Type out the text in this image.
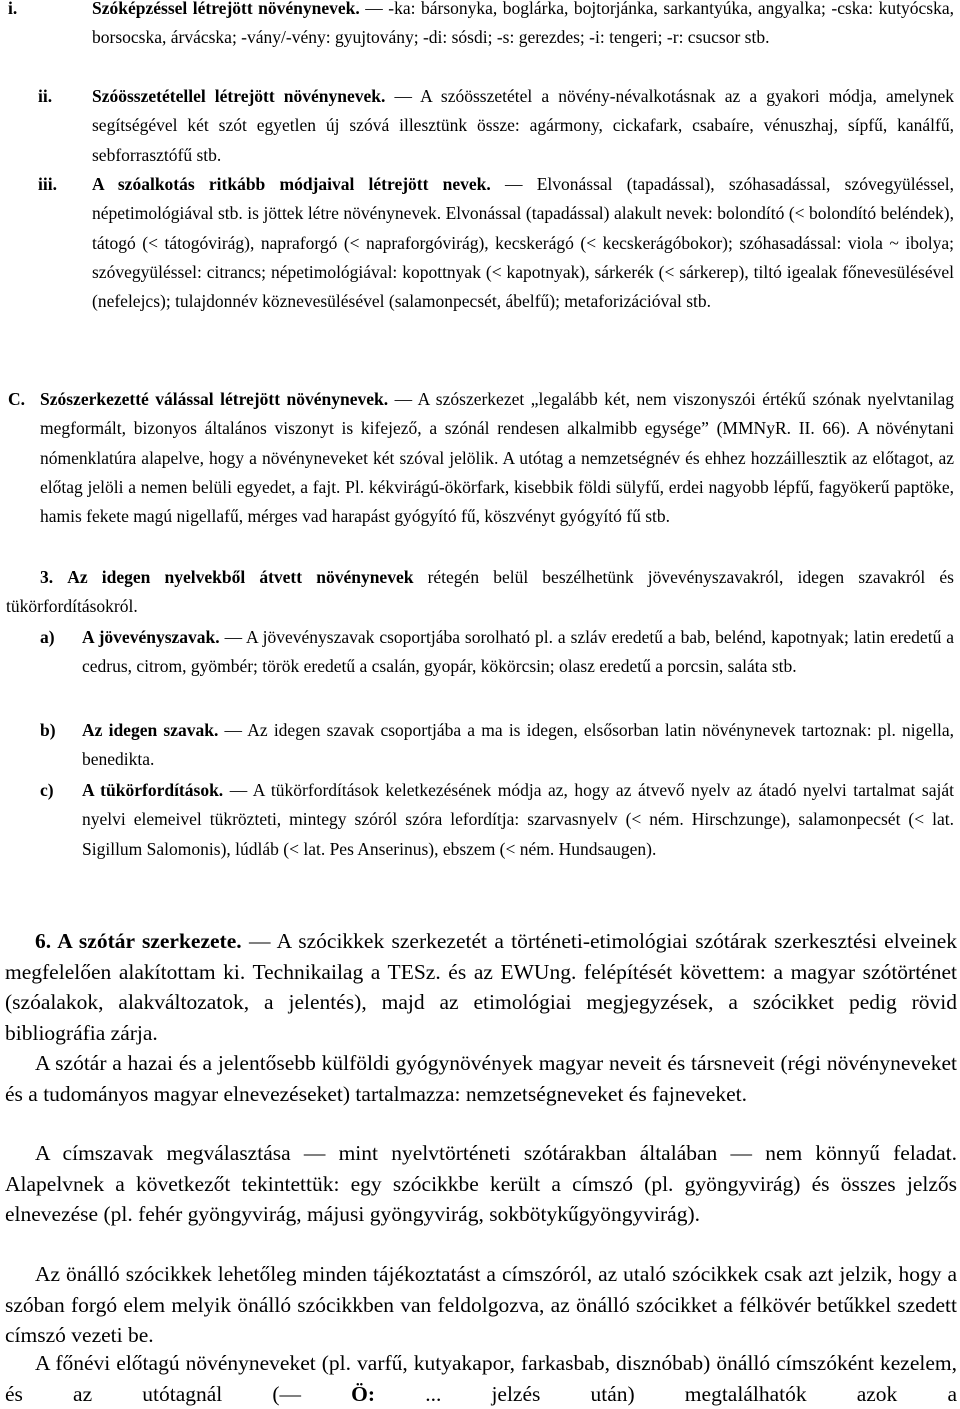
i.	Szóképzéssel létrejött növénynevek. — -ka: bársonyka, boglárka, bojtorjánka, sarkantyúka, angyalka; -cska: kutyócska, borsocska, árvácska; -vány/-vény: gyujtovány; -di: sósdi; -s: gerezdes; -i: tengeri; -r: csucsor stb.
ii. Szóösszetétellel létrejött növénynevek. — A szóösszetétel a növény-névalkotásnak az a gyakori módja, amelynek segítségével két szót egyetlen új szóvá illesztünk össze: agármony, cickafark, csabaíre, vénuszhaj, sípfű, kanálfű, sebforrasztófű stb.
iii. A szóalkotás ritkább módjaival létrejött nevek. — Elvonással (tapadással), szóhasadással, szóvegyüléssel, népetimológiával stb. is jöttek létre növénynevek. Elvonással (tapadással) alakult nevek: bolondító (< bolondító beléndek), tátogó (< tátogóvirág), napraforgó (< napraforgóvirág), kecskerágó (< kecskerágóbokor); szóhasadással: viola ~ ibolya; szóvegyüléssel: citrancs; népetimológiával: kopottnyak (< kapotnyak), sárkerék (< sárkerep), tiltó igealak főnevesülésével (nefelejcs); tulajdonnév köznevesülésével (salamonpecsét, ábelfű); metaforizációval stb.
C. Szószerkezetté válással létrejött növénynevek. — A szószerkezet „legalább két, nem viszonyszói értékű szónak nyelvtanilag megformált, bizonyos általános viszonyt is kifejező, a szónál rendesen alkalmibb egysége” (MMNyR. II. 66). A növénytani nómenklatúra alapelve, hogy a növényneveket két szóval jelölik. A utótag a nemzetségnév és ehhez hozzáillesztik az előtagot, az előtag jelöli a nemen belüli egyedet, a fajt. Pl. kékvirágú-ökörfark, kisebbik földi sülyfű, erdei nagyobb lépfű, fagyökerű paptöke, hamis fekete magú nigellafű, mérges vad harapást gyógyító fű, köszvényt gyógyító fű stb.
3. Az idegen nyelvekből átvett növénynevek rétegén belül beszélhetünk jövevényszavakról, idegen szavakról és tükörfordításokról.
a) A jövevényszavak. — A jövevényszavak csoportjába sorolható pl. a szláv eredetű a bab, belénd, kapotnyak; latin eredetű a cedrus, citrom, gyömbér; török eredetű a csalán, gyopár, kökörcsin; olasz eredetű a porcsin, saláta stb.
b) Az idegen szavak. — Az idegen szavak csoportjába a ma is idegen, elsősorban latin növénynevek tartoznak: pl. nigella, benedikta.
c) A tükörfordítások. — A tükörfordítások keletkezésének módja az, hogy az átvevő nyelv az átadó nyelvi tartalmat saját nyelvi elemeivel tükrözteti, mintegy szóról szóra lefordítja: szarvasnyelv (< ném. Hirschzunge), salamonpecsét (< lat. Sigillum Salomonis), lúdláb (< lat. Pes Anserinus), ebszem (< ném. Hundsaugen).
6. A szótár szerkezete. — A szócikkek szerkezetét a történeti-etimológiai szótárak szerkesztési elveinek megfelelően alakítottam ki. Technikailag a TESz. és az EWUng. felépítését követtem: a magyar szótörténet (szóalakok, alakváltozatok, a jelentés), majd az etimológiai megjegyzések, a szócikket pedig rövid bibliográfia zárja.
A szótár a hazai és a jelentősebb külföldi gyógynövények magyar neveit és társneveit (régi növényneveket és a tudományos magyar elnevezéseket) tartalmazza: nemzetségneveket és fajneveket.
A címszavak megválasztása — mint nyelvtörténeti szótárakban általában — nem könnyű feladat. Alapelvnek a következőt tekintettük: egy szócikkbe került a címszó (pl. gyöngyvirág) és összes jelzős elnevezése (pl. fehér gyöngyvirág, májusi gyöngyvirág, sokbötykűgyöngyvirág).
Az önálló szócikkek lehetőleg minden tájékoztatást a címszóról, az utaló szócikkek csak azt jelzik, hogy a szóban forgó elem melyik önálló szócikkben van feldolgozva, az önálló szócikket a félkövér betűkkel szedett címszó vezeti be.
A főnévi előtagú növényneveket (pl. varfű, kutyakapor, farkasbab, disznóbab) önálló címszóként kezelem, és az utótagnál (— Ö: ... jelzés után) megtalálhatók azok a
